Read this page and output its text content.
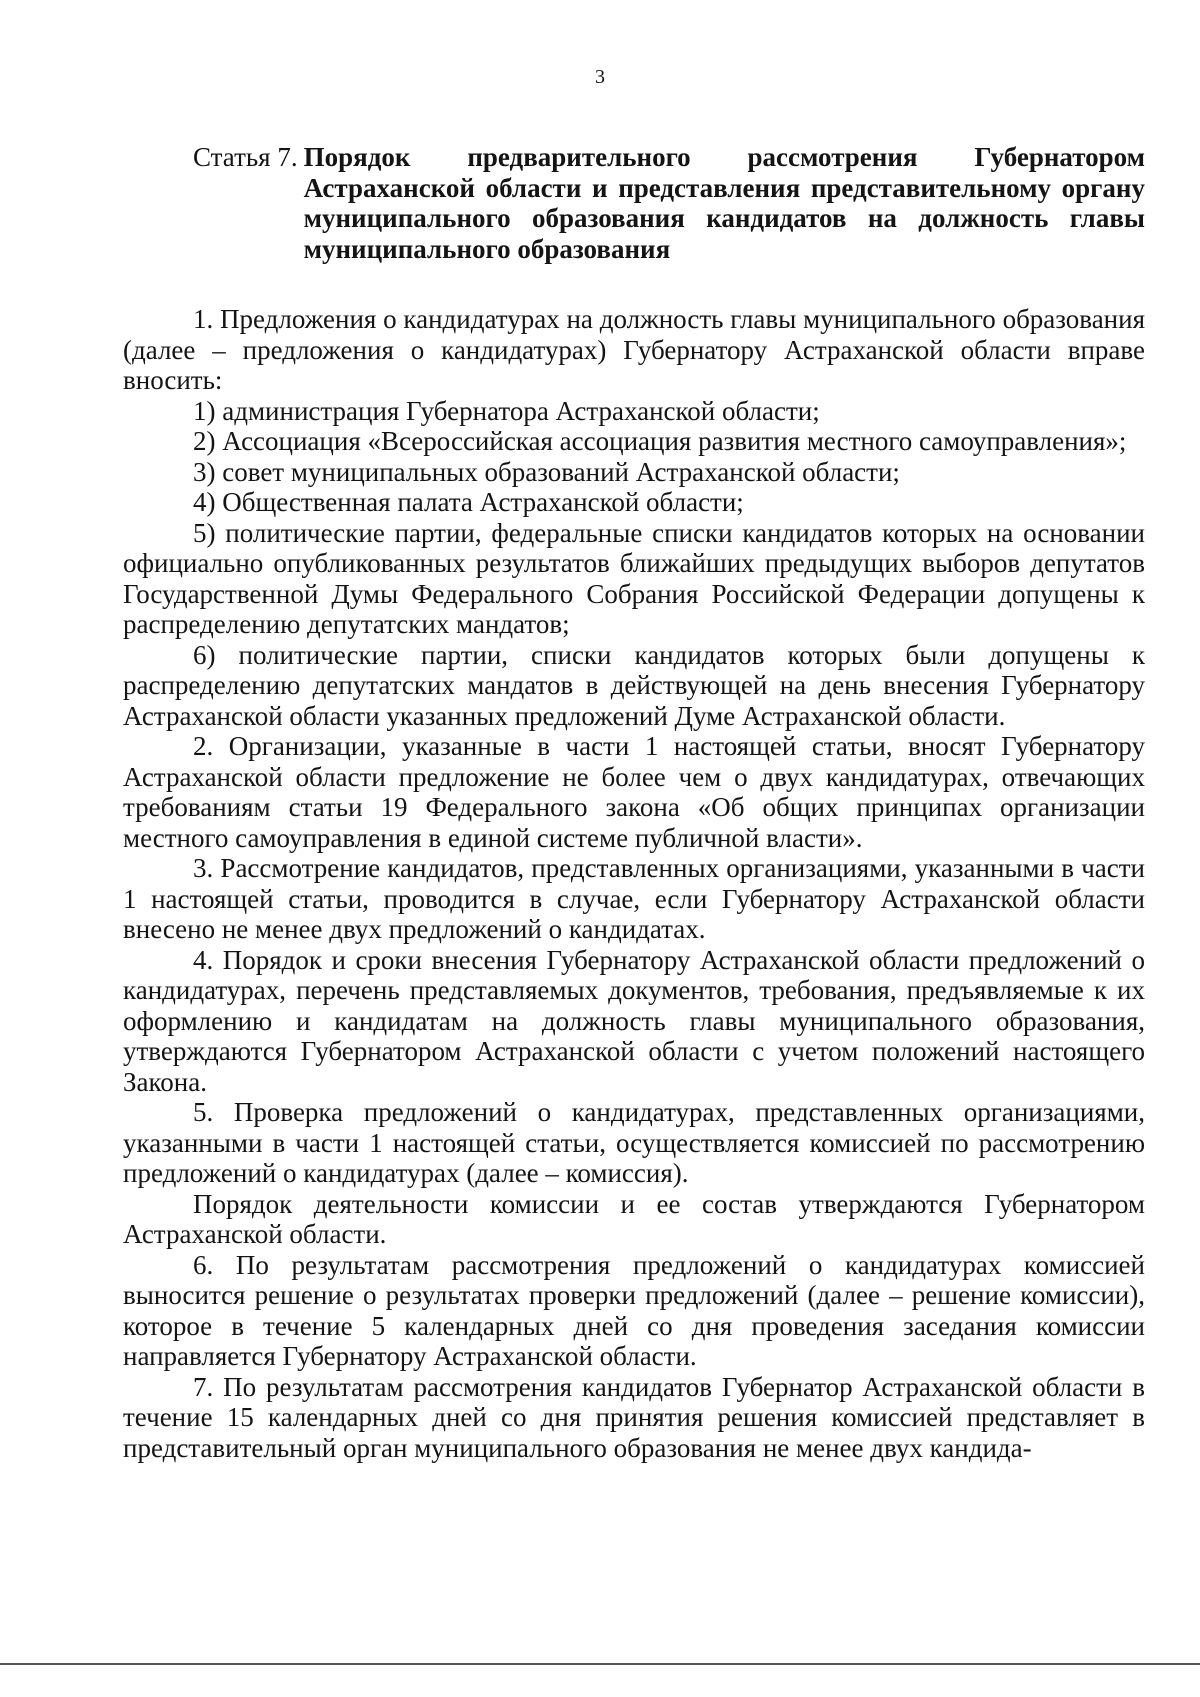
3
Статья 7. Порядок предварительного рассмотрения Губернатором Астраханской области и представления представительному органу муниципального образования кандидатов на должность главы муниципального образования

1. Предложения о кандидатурах на должность главы муниципального образования (далее – предложения о кандидатурах) Губернатору Астраханской области вправе вносить:

1) администрация Губернатора Астраханской области;

2) Ассоциация «Всероссийская ассоциация развития местного самоуправления»;

3) совет муниципальных образований Астраханской области;

4) Общественная палата Астраханской области;

5) политические партии, федеральные списки кандидатов которых на основании официально опубликованных результатов ближайших предыдущих выборов депутатов Государственной Думы Федерального Собрания Российской Федерации допущены к распределению депутатских мандатов;

6) политические партии, списки кандидатов которых были допущены к распределению депутатских мандатов в действующей на день внесения Губернатору Астраханской области указанных предложений Думе Астраханской области.

2. Организации, указанные в части 1 настоящей статьи, вносят Губернатору Астраханской области предложение не более чем о двух кандидатурах, отвечающих требованиям статьи 19 Федерального закона «Об общих принципах организации местного самоуправления в единой системе публичной власти».

3. Рассмотрение кандидатов, представленных организациями, указанными в части 1 настоящей статьи, проводится в случае, если Губернатору Астраханской области внесено не менее двух предложений о кандидатах.

4. Порядок и сроки внесения Губернатору Астраханской области предложений о кандидатурах, перечень представляемых документов, требования, предъявляемые к их оформлению и кандидатам на должность главы муниципального образования, утверждаются Губернатором Астраханской области с учетом положений настоящего Закона.

5. Проверка предложений о кандидатурах, представленных организациями, указанными в части 1 настоящей статьи, осуществляется комиссией по рассмотрению предложений о кандидатурах (далее – комиссия).

Порядок деятельности комиссии и ее состав утверждаются Губернатором Астраханской области.

6. По результатам рассмотрения предложений о кандидатурах комиссией выносится решение о результатах проверки предложений (далее – решение комиссии), которое в течение 5 календарных дней со дня проведения заседания комиссии направляется Губернатору Астраханской области.

7. По результатам рассмотрения кандидатов Губернатор Астраханской области в течение 15 календарных дней со дня принятия решения комиссией представляет в представительный орган муниципального образования не менее двух кандида-
